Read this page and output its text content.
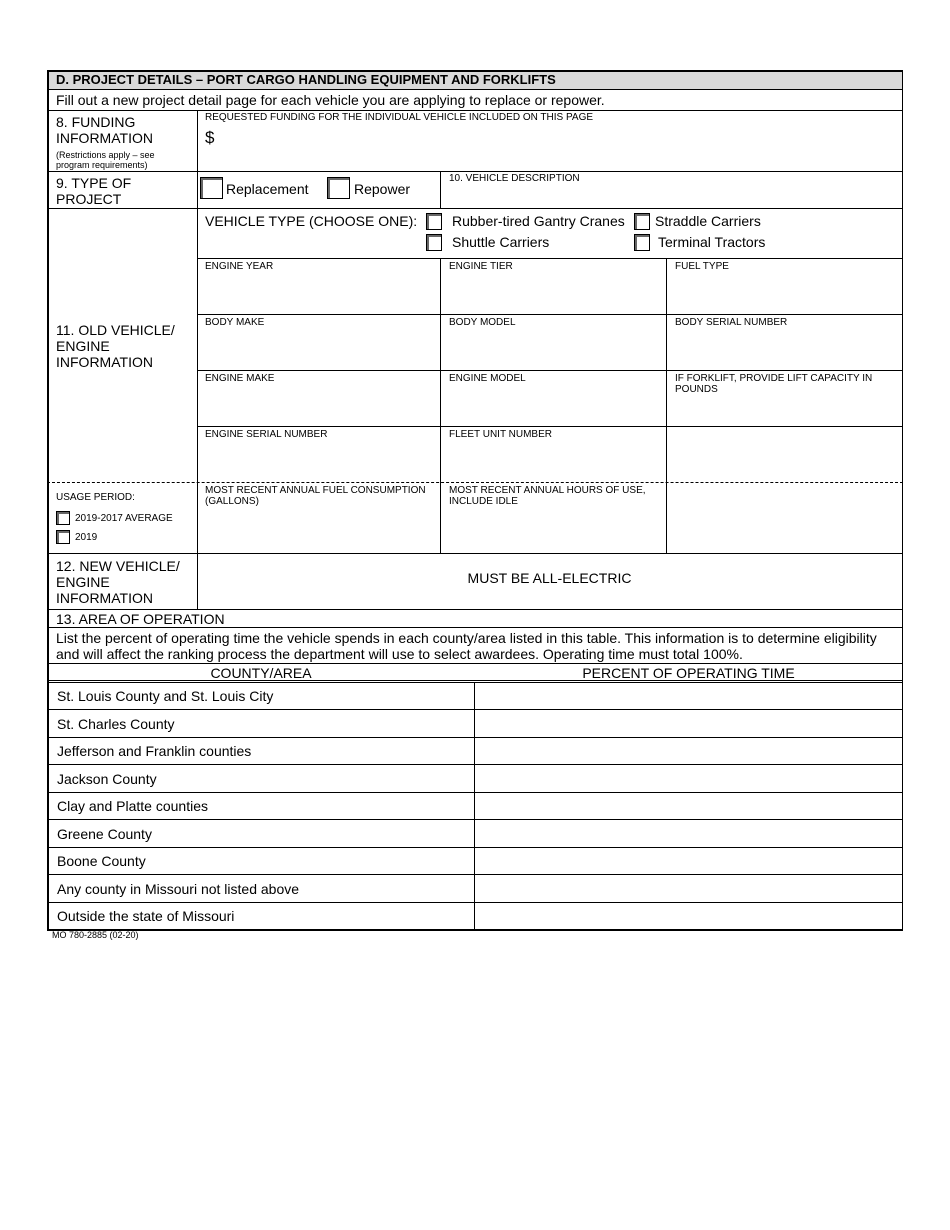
D. PROJECT DETAILS – PORT CARGO HANDLING EQUIPMENT AND FORKLIFTS
Fill out a new project detail page for each vehicle you are applying to replace or repower.
8. FUNDING INFORMATION
(Restrictions apply – see program requirements)
REQUESTED FUNDING FOR THE INDIVIDUAL VEHICLE INCLUDED ON THIS PAGE
$
9. TYPE OF PROJECT
Replacement	Repower
10. VEHICLE DESCRIPTION
11. OLD VEHICLE/ ENGINE INFORMATION
VEHICLE TYPE (CHOOSE ONE): Rubber-tired Gantry Cranes Straddle Carriers
Shuttle Carriers	Terminal Tractors
ENGINE YEAR	ENGINE TIER	FUEL TYPE
BODY MAKE	BODY MODEL	BODY SERIAL NUMBER
ENGINE MAKE	ENGINE MODEL	IF FORKLIFT, PROVIDE LIFT CAPACITY IN POUNDS
ENGINE SERIAL NUMBER	FLEET UNIT NUMBER
USAGE PERIOD:
2019-2017 AVERAGE
2019
MOST RECENT ANNUAL FUEL CONSUMPTION (GALLONS)
MOST RECENT ANNUAL HOURS OF USE, INCLUDE IDLE
12. NEW VEHICLE/ ENGINE INFORMATION
MUST BE ALL-ELECTRIC
13. AREA OF OPERATION
List the percent of operating time the vehicle spends in each county/area listed in this table. This information is to determine eligibility and will affect the ranking process the department will use to select awardees. Operating time must total 100%.
COUNTY/AREA	PERCENT OF OPERATING TIME
St. Louis County and St. Louis City
St. Charles County
Jefferson and Franklin counties
Jackson County
Clay and Platte counties
Greene County
Boone County
Any county in Missouri not listed above
Outside the state of Missouri
MO 780-2885 (02-20)
